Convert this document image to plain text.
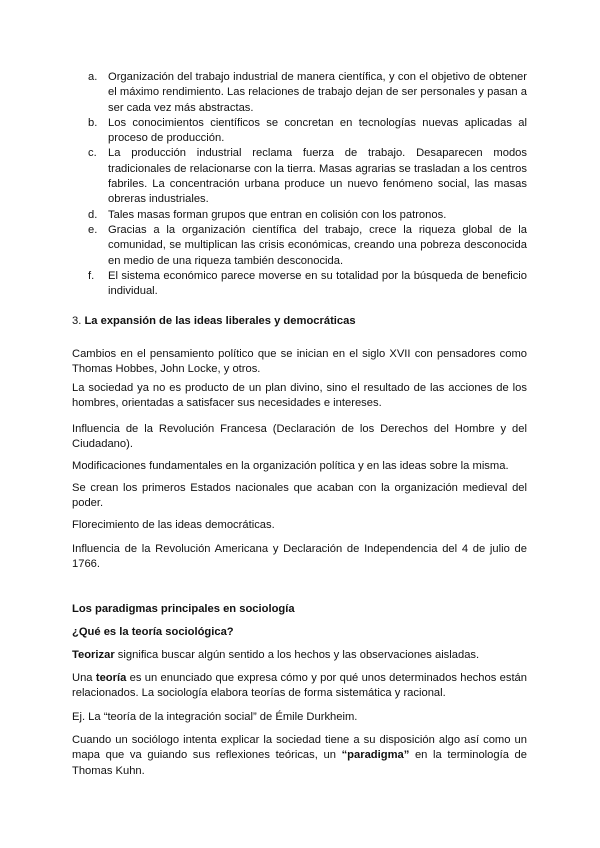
a. Organización del trabajo industrial de manera científica, y con el objetivo de obtener el máximo rendimiento. Las relaciones de trabajo dejan de ser personales y pasan a ser cada vez más abstractas.
b. Los conocimientos científicos se concretan en tecnologías nuevas aplicadas al proceso de producción.
c. La producción industrial reclama fuerza de trabajo. Desaparecen modos tradicionales de relacionarse con la tierra. Masas agrarias se trasladan a los centros fabriles. La concentración urbana produce un nuevo fenómeno social, las masas obreras industriales.
d. Tales masas forman grupos que entran en colisión con los patronos.
e. Gracias a la organización científica del trabajo, crece la riqueza global de la comunidad, se multiplican las crisis económicas, creando una pobreza desconocida en medio de una riqueza también desconocida.
f. El sistema económico parece moverse en su totalidad por la búsqueda de beneficio individual.
3. La expansión de las ideas liberales y democráticas

Cambios en el pensamiento político que se inician en el siglo XVII con pensadores como Thomas Hobbes, John Locke, y otros.

La sociedad ya no es producto de un plan divino, sino el resultado de las acciones de los hombres, orientadas a satisfacer sus necesidades e intereses.

Influencia de la Revolución Francesa (Declaración de los Derechos del Hombre y del Ciudadano).

Modificaciones fundamentales en la organización política y en las ideas sobre la misma.

Se crean los primeros Estados nacionales que acaban con la organización medieval del poder.

Florecimiento de las ideas democráticas.

Influencia de la Revolución Americana y Declaración de Independencia del 4 de julio de 1766.

Los paradigmas principales en sociología

¿Qué es la teoría sociológica?

Teorizar significa buscar algún sentido a los hechos y las observaciones aisladas.

Una teoría es un enunciado que expresa cómo y por qué unos determinados hechos están relacionados. La sociología elabora teorías de forma sistemática y racional.

Ej. La “teoría de la integración social” de Émile Durkheim.

Cuando un sociólogo intenta explicar la sociedad tiene a su disposición algo así como un mapa que va guiando sus reflexiones teóricas, un “paradigma” en la terminología de Thomas Kuhn.
